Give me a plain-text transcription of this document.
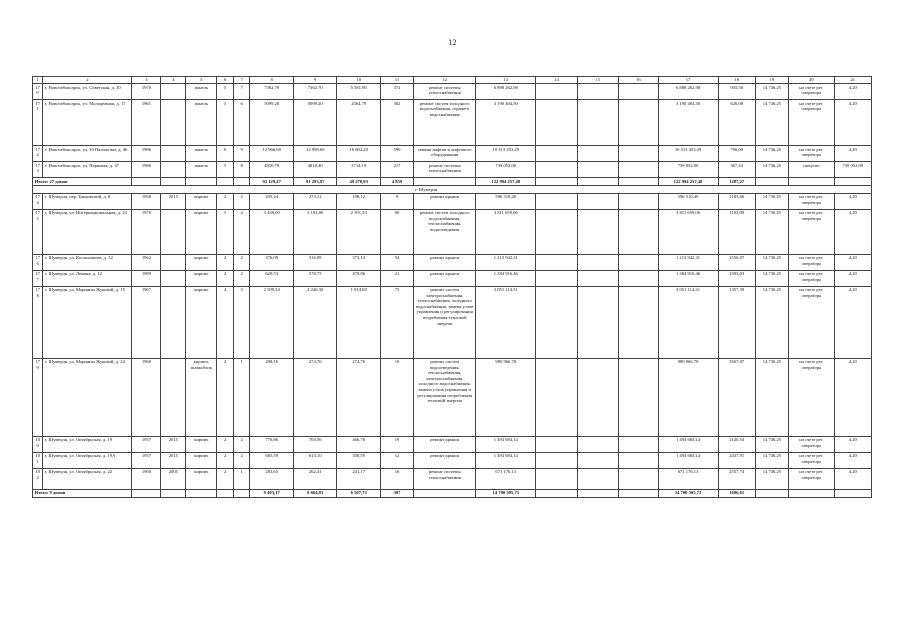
12
1	2	3	4	5	6	7	8	9	10	11	12	13	14	15	16	17	18	19	20	21
170	г. Новочебоксарск, ул. Советская, д. 30	1970		панель	5	7	7362,70	7362,70	5 581,90	372	ремонт системы теплоснабжения	6 888 262,98				6 888 262,98	935,56	14 736,25	на счете рег. оператора	4,20
171	г. Новочебоксарск, ул. Молодежная, д. 17	1961		панель	5	6	5099,20	5099,20	2564,79	302	ремонт систем холодного водоснабжения, горячего водоснабжения	3 190 404,50				3 190 404,50	626,08	14 736,25	на счете рег. оператора	4,20
172	г. Новочебоксарск, ул. 10 Пятилетки, д. 46	1986		панель	6	9	12 966,60	12 958,69	10 802,20	590	замена лифтов и лифтового оборудования	10 313 453,29				10 313 453,29	796,00	14 736,25	на счете рег. оператора	4,20
173	г. Новочебоксарск, ул. Парковая, д. 47	1980		панель	5	8	4850,70	4818,40	3714,19	217	ремонт системы теплоснабжения	739 052,00				739 052,00	367,43	14 736,25	спецсчет	739 052,00
Итого: 27 домов							92 129,27	91 293,97	49 270,93	4 859		122 994 257,48				122 994 257,48	1287,27			
											г. Шумерля									
174	г. Шумерля, пер. Банковский, д. 8	1958	2015	кирпич	2	2	295,24	273,12	198,12	9	ремонт крыши	596 510,40				596 510,40	2183,66	14 736,25	на счете рег. оператора	4,20
175	г. Шумерля, ул. Интернациональная, д. 24	1970		кирпич	5	4	3 430,00	3 194,80	2 591,53	90	ремонт систем холодного водоснабжения, теплоснабжения, водоотведения	3 811 659,06				3 811 659,06	1193,09	14 736,25	на счете рег. оператора	4,20
176	г. Шумерля, ул. Космонавтов, д. 52	1962		кирпич	2	2	376,09	316,09	373,14	54	ремонт крыши	1 213 942,31				1 213 942,31	2556,07	14 736,25	на счете рег. оператора	4,20
177	г. Шумерля, ул. Ленина, д. 12	1989		кирпич	2	2	620,53	578,75	479,86	21	ремонт крыши	1 384 916,46				1 384 916,46	2393,03	14 736,25	на счете рег. оператора	4,20
178	г. Шумерля, ул. Мариины Жуковой, д. 15	1967		кирпич	4	3	2 599,34	2 246,30	1 914,69	75	ремонт систем электроснабжения, теплоснабжения, холодного водоснабжения, замена узлов управления и регулирования потребления тепловой энергии	3 051 114,31				3 051 114,31	1357,39	14 736,25	на счете рег. оператора	4,20
179	г. Шумерля, ул. Мариины Жуковой, д. 24	1960		кирпич, шлакоблок	2	1	298,16	274,76	274,76	10	ремонт систем водоотведения, теплоснабжения, электроснабжения, холодного водоснабжения, замена узлов управления и регулирования потребления тепловой энергии	980 966,78				980 966,78	3567,07	14 736,25	на счете рег. оператора	4,20
180	г. Шумерля, ул. Октябрьская, д. 19	1957	2015	кирпич	2	2	776,86	704,56	466,76	19	ремонт крыши	1 494 684,14				1 494 684,14	2120,54	14 736,25	на счете рег. оператора	4,20
181	г. Шумерля, ул. Октябрьская, д. 19А	1957	2015	кирпич	2	2	685,59	613,10	358,59	12	ремонт крыши	1 494 684,14				1 494 684,14	2437,91	14 736,25	на счете рег. оператора	4,20
182	г. Шумерля, ул. Октябрьская, д. 22	1960	2005	кирпич	2	1	283,65	262,41	241,17	16	ремонт системы теплоснабжения	671 176,13				671 176,13	2557,74	14 736,25	на счете рег. оператора	4,20
Итого: 9 домов							9 403,17	8 664,81	6 507,73	307		14 700 505,73				14 700 505,73	1696,61			
